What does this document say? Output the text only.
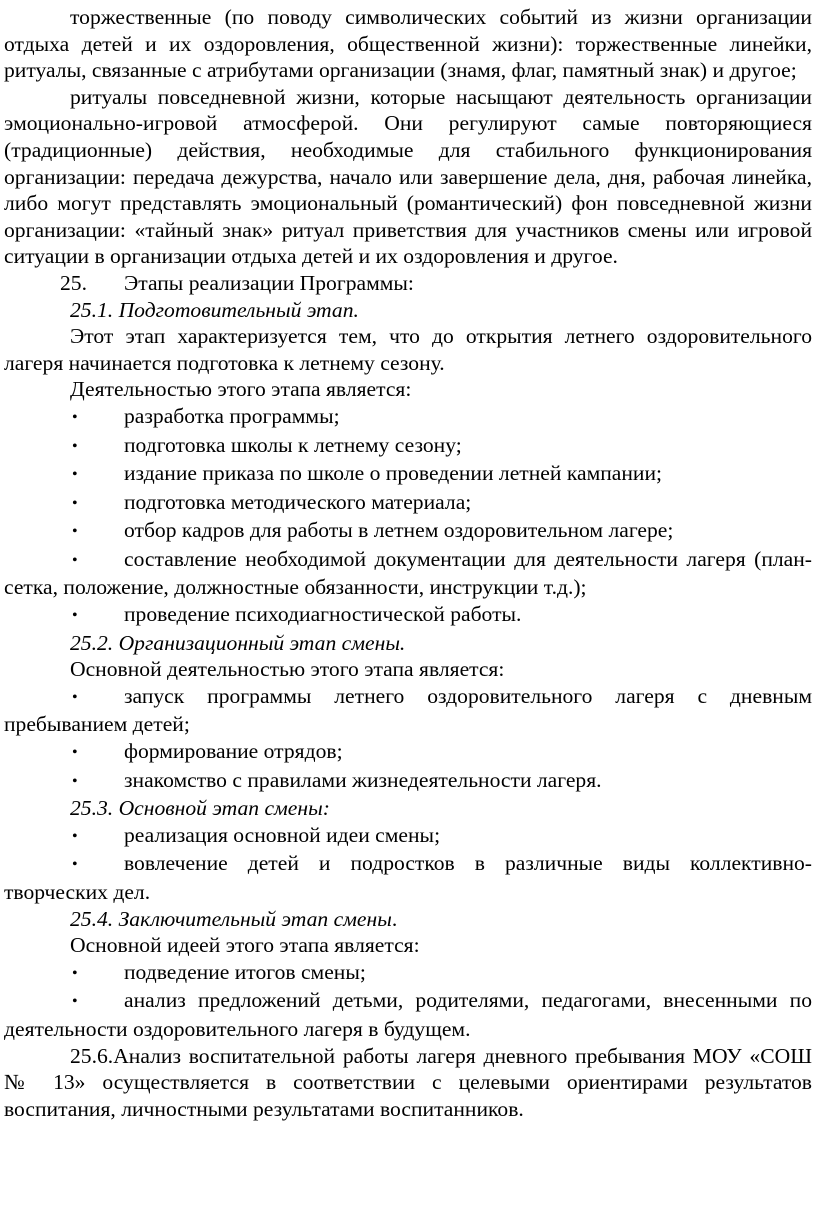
торжественные (по поводу символических событий из жизни организации отдыха детей и их оздоровления, общественной жизни): торжественные линейки, ритуалы, связанные с атрибутами организации (знамя, флаг, памятный знак) и другое;

ритуалы повседневной жизни, которые насыщают деятельность организации эмоционально-игровой атмосферой. Они регулируют самые повторяющиеся (традиционные) действия, необходимые для стабильного функционирования организации: передача дежурства, начало или завершение дела, дня, рабочая линейка, либо могут представлять эмоциональный (романтический) фон повседневной жизни организации: «тайный знак» ритуал приветствия для участников смены или игровой ситуации в организации отдыха детей и их оздоровления и другое.

25. Этапы реализации Программы:

25.1. Подготовительный этап.

Этот этап характеризуется тем, что до открытия летнего оздоровительного лагеря начинается подготовка к летнему сезону.

Деятельностью этого этапа является:

• разработка программы;

• подготовка школы к летнему сезону;

• издание приказа по школе о проведении летней кампании;

• подготовка методического материала;

• отбор кадров для работы в летнем оздоровительном лагере;

• составление необходимой документации для деятельности лагеря (план-сетка, положение, должностные обязанности, инструкции т.д.);

• проведение психодиагностической работы.

25.2. Организационный этап смены.

Основной деятельностью этого этапа является:

• запуск программы летнего оздоровительного лагеря с дневным пребыванием детей;

• формирование отрядов;

• знакомство с правилами жизнедеятельности лагеря.

25.3. Основной этап смены:

• реализация основной идеи смены;

• вовлечение детей и подростков в различные виды коллективно-творческих дел.

25.4. Заключительный этап смены.

Основной идеей этого этапа является:

• подведение итогов смены;

• анализ предложений детьми, родителями, педагогами, внесенными по деятельности оздоровительного лагеря в будущем.

25.6.Анализ воспитательной работы лагеря дневного пребывания МОУ «СОШ № 13» осуществляется в соответствии с целевыми ориентирами результатов воспитания, личностными результатами воспитанников.
